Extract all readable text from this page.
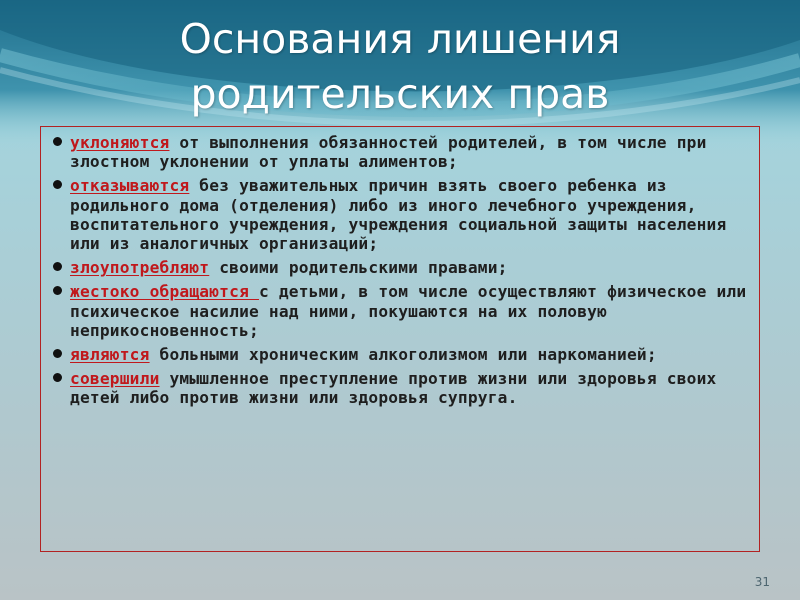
Основания лишения
родительских прав
уклоняются от выполнения обязанностей родителей, в том числе при злостном уклонении от уплаты алиментов;
отказываются без уважительных причин взять своего ребенка из родильного дома (отделения) либо из иного лечебного учреждения, воспитательного учреждения, учреждения социальной защиты населения или из аналогичных организаций;
злоупотребляют своими родительскими правами;
жестоко обращаются с детьми, в том числе осуществляют физическое или психическое насилие над ними, покушаются на их половую неприкосновенность;
являются больными хроническим алкоголизмом или наркоманией;
совершили умышленное преступление против жизни или здоровья своих детей либо против жизни или здоровья супруга.
31
